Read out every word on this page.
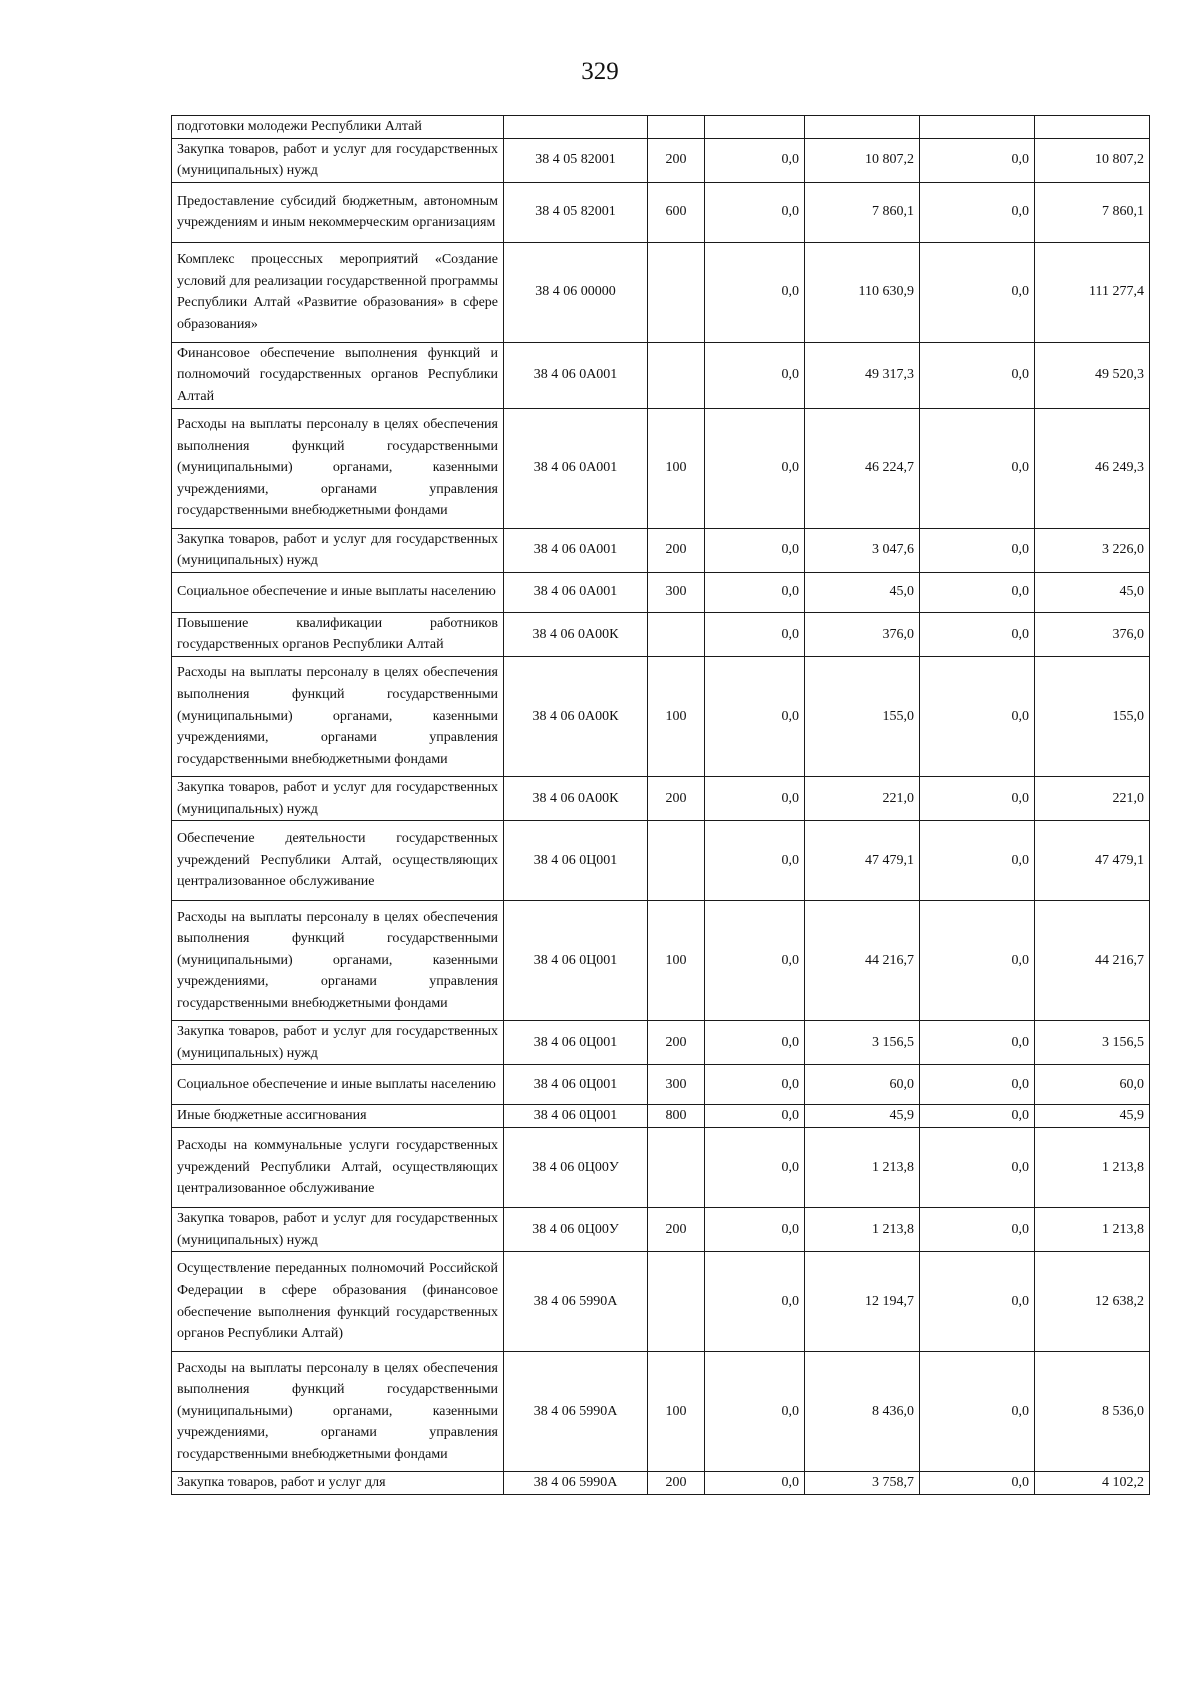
329
подготовки молодежи Республики Алтай						
Закупка товаров, работ и услуг для государственных (муниципальных) нужд	38 4 05 82001	200	0,0	10 807,2	0,0	10 807,2
Предоставление субсидий бюджетным, автономным учреждениям и иным некоммерческим организациям	38 4 05 82001	600	0,0	7 860,1	0,0	7 860,1
Комплекс процессных мероприятий «Создание условий для реализации государственной программы Республики Алтай «Развитие образования» в сфере образования»	38 4 06 00000		0,0	110 630,9	0,0	111 277,4
Финансовое обеспечение выполнения функций и полномочий государственных органов Республики Алтай	38 4 06 0А001		0,0	49 317,3	0,0	49 520,3
Расходы на выплаты персоналу в целях обеспечения выполнения функций государственными (муниципальными) органами, казенными учреждениями, органами управления государственными внебюджетными фондами	38 4 06 0А001	100	0,0	46 224,7	0,0	46 249,3
Закупка товаров, работ и услуг для государственных (муниципальных) нужд	38 4 06 0А001	200	0,0	3 047,6	0,0	3 226,0
Социальное обеспечение и иные выплаты населению	38 4 06 0А001	300	0,0	45,0	0,0	45,0
Повышение квалификации работников государственных органов Республики Алтай	38 4 06 0А00К		0,0	376,0	0,0	376,0
Расходы на выплаты персоналу в целях обеспечения выполнения функций государственными (муниципальными) органами, казенными учреждениями, органами управления государственными внебюджетными фондами	38 4 06 0А00К	100	0,0	155,0	0,0	155,0
Закупка товаров, работ и услуг для государственных (муниципальных) нужд	38 4 06 0А00К	200	0,0	221,0	0,0	221,0
Обеспечение деятельности государственных учреждений Республики Алтай, осуществляющих централизованное обслуживание	38 4 06 0Ц001		0,0	47 479,1	0,0	47 479,1
Расходы на выплаты персоналу в целях обеспечения выполнения функций государственными (муниципальными) органами, казенными учреждениями, органами управления государственными внебюджетными фондами	38 4 06 0Ц001	100	0,0	44 216,7	0,0	44 216,7
Закупка товаров, работ и услуг для государственных (муниципальных) нужд	38 4 06 0Ц001	200	0,0	3 156,5	0,0	3 156,5
Социальное обеспечение и иные выплаты населению	38 4 06 0Ц001	300	0,0	60,0	0,0	60,0
Иные бюджетные ассигнования	38 4 06 0Ц001	800	0,0	45,9	0,0	45,9
Расходы на коммунальные услуги государственных учреждений Республики Алтай, осуществляющих централизованное обслуживание	38 4 06 0Ц00У		0,0	1 213,8	0,0	1 213,8
Закупка товаров, работ и услуг для государственных (муниципальных) нужд	38 4 06 0Ц00У	200	0,0	1 213,8	0,0	1 213,8
Осуществление переданных полномочий Российской Федерации в сфере образования (финансовое обеспечение выполнения функций государственных органов Республики Алтай)	38 4 06 5990А		0,0	12 194,7	0,0	12 638,2
Расходы на выплаты персоналу в целях обеспечения выполнения функций государственными (муниципальными) органами, казенными учреждениями, органами управления государственными внебюджетными фондами	38 4 06 5990А	100	0,0	8 436,0	0,0	8 536,0
Закупка товаров, работ и услуг для	38 4 06 5990А	200	0,0	3 758,7	0,0	4 102,2
